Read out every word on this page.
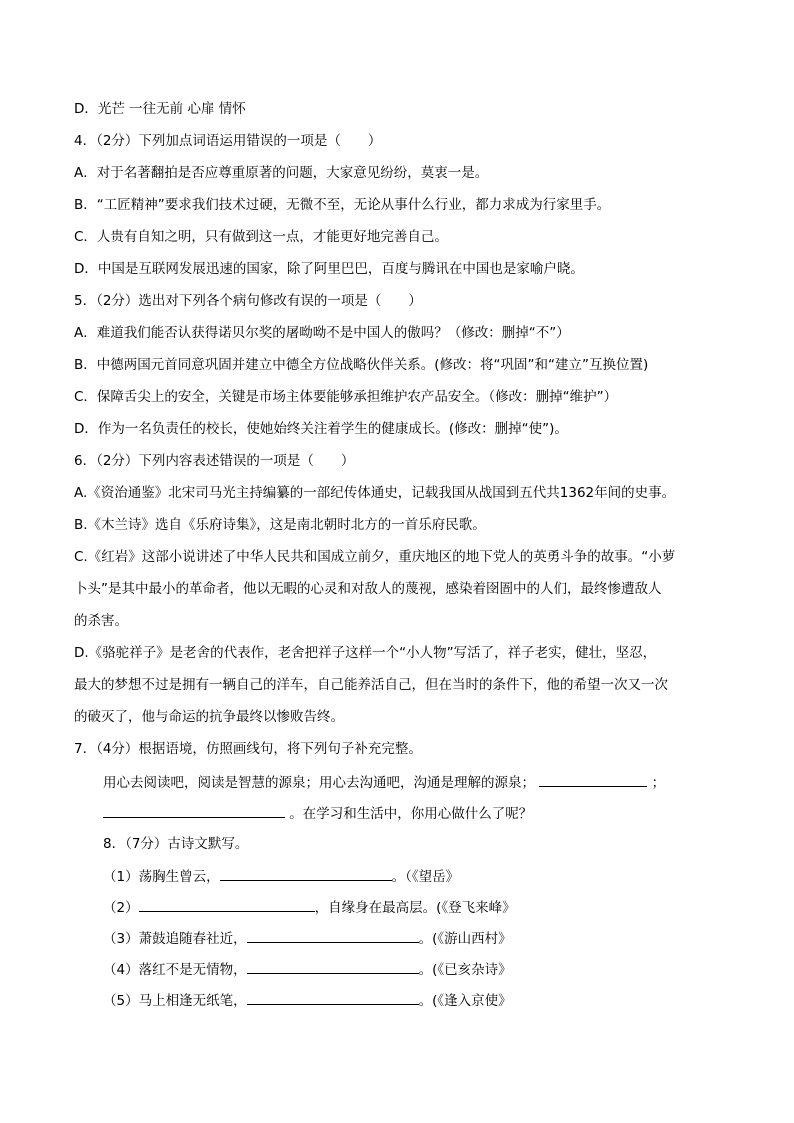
D．光芒 一往无前 心扉 情怀
4．（2分）下列加点词语运用错误的一项是（　　）
A．对于名著翻拍是否应尊重原著的问题，大家意见纷纷，莫衷一是。
B．“工匠精神”要求我们技术过硬，无微不至，无论从事什么行业，都力求成为行家里手。
C．人贵有自知之明，只有做到这一点，才能更好地完善自己。
D．中国是互联网发展迅速的国家，除了阿里巴巴，百度与腾讯在中国也是家喻户晓。
5．（2分）选出对下列各个病句修改有误的一项是（　　）
A．难道我们能否认获得诺贝尔奖的屠呦呦不是中国人的傲吗？（修改：删掉“不”）
B．中德两国元首同意巩固并建立中德全方位战略伙伴关系。(修改：将“巩固”和“建立”互换位置)
C．保障舌尖上的安全，关键是市场主体要能够承担维护农产品安全。（修改：删掉“维护”）
D．作为一名负责任的校长，使她始终关注着学生的健康成长。(修改：删掉“使”)。
6．（2分）下列内容表述错误的一项是（　　）
A.《资治通鉴》北宋司马光主持编纂的一部纪传体通史，记载我国从战国到五代共1362年间的史事。
B.《木兰诗》选自《乐府诗集》，这是南北朝时北方的一首乐府民歌。
C.《红岩》这部小说讲述了中华人民共和国成立前夕，重庆地区的地下党人的英勇斗争的故事。“小萝
卜头”是其中最小的革命者，他以无暇的心灵和对敌人的蔑视，感染着囹圄中的人们，最终惨遭敌人
的杀害。
D.《骆驼祥子》是老舍的代表作，老舍把祥子这样一个“小人物”写活了，祥子老实，健壮，坚忍，
最大的梦想不过是拥有一辆自己的洋车，自己能养活自己，但在当时的条件下，他的希望一次又一次
的破灭了，他与命运的抗争最终以惨败告终。
7．（4分）根据语境，仿照画线句，将下列句子补充完整。
用心去阅读吧，阅读是智慧的源泉；用心去沟通吧，沟通是理解的源泉；	；
。在学习和生活中，你用心做什么了呢？
8．（7分）古诗文默写。
（1）荡胸生曾云，	。（《望岳》
（2）	，自缘身在最高层。(《登飞来峰》
（3）萧鼓追随春社近，	。(《游山西村》
（4）落红不是无情物，	。(《已亥杂诗》
（5）马上相逢无纸笔，	。(《逢入京使》
